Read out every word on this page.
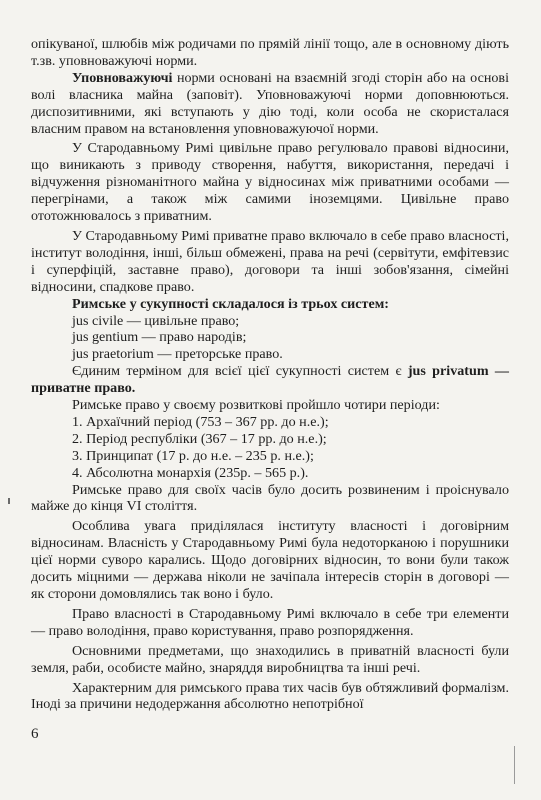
опікуваної, шлюбів між родичами по прямій лінії тощо, але в основному діють т.зв. уповноважуючі норми.

Уповноважуючі норми основані на взаємній згоді сторін або на основі волі власника майна (заповіт). Уповноважуючі норми доповнюються. диспозитивними, які вступають у дію тоді, коли особа не скористалася власним правом на встановлення уповноважуючої норми.

У Стародавньому Римі цивільне право регулювало правові відносини, що виникають з приводу створення, набуття, використання, передачі і відчуження різноманітного майна у відносинах між приватними особами — перегрінами, а також між самими іноземцями. Цивільне право ототожнювалось з приватним.

У Стародавньому Римі приватне право включало в себе право власності, інститут володіння, інші, більш обмежені, права на речі (сервітути, емфітевзис і суперфіцій, заставне право), договори та інші зобов'язання, сімейні відносини, спадкове право.

Римське у сукупності складалося із трьох систем:

jus civile — цивільне право;

jus gentium — право народів;

jus praetorium — преторське право.

Єдиним терміном для всієї цієї сукупності систем є jus privatum — приватне право.

Римське право у своєму розвиткові пройшло чотири періоди:

1. Архаїчний період (753 – 367 рр. до н.е.);

2. Період республіки (367 – 17 рр. до н.е.);

3. Принципат (17 р. до н.е. – 235 р. н.е.);

4. Абсолютна монархія (235р. – 565 р.).

Римське право для своїх часів було досить розвиненим і проіснувало майже до кінця VI століття.

Особлива увага приділялася інституту власності і договірним відносинам. Власність у Стародавньому Римі була недоторканою і порушники цієї норми суворо карались. Щодо договірних відносин, то вони були також досить міцними — держава ніколи не зачіпала інтересів сторін в договорі — як сторони домовлялись так воно і було.

Право власності в Стародавньому Римі включало в себе три елементи — право володіння, право користування, право розпорядження.

Основними предметами, що знаходились в приватній власності були земля, раби, особисте майно, знаряддя виробництва та інші речі.

Характерним для римського права тих часів був обтяжливий формалізм. Іноді за причини недодержання абсолютно непотрібної

6
